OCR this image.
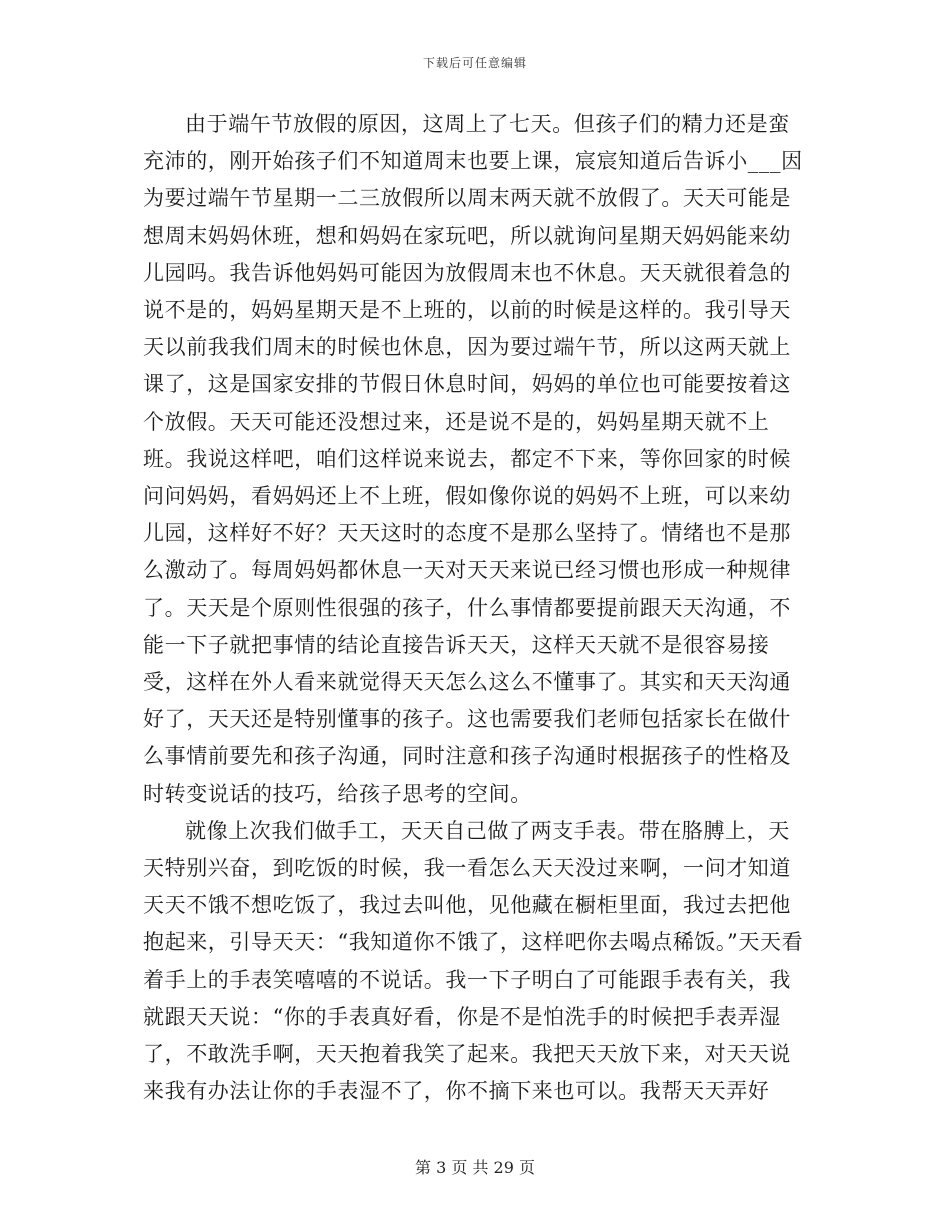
下载后可任意编辑

由于端午节放假的原因，这周上了七天。但孩子们的精力还是蛮充沛的，刚开始孩子们不知道周末也要上课，宸宸知道后告诉小___因为要过端午节星期一二三放假所以周末两天就不放假了。天天可能是想周末妈妈休班，想和妈妈在家玩吧，所以就询问星期天妈妈能来幼儿园吗。我告诉他妈妈可能因为放假周末也不休息。天天就很着急的说不是的，妈妈星期天是不上班的，以前的时候是这样的。我引导天天以前我我们周末的时候也休息，因为要过端午节，所以这两天就上课了，这是国家安排的节假日休息时间，妈妈的单位也可能要按着这个放假。天天可能还没想过来，还是说不是的，妈妈星期天就不上班。我说这样吧，咱们这样说来说去，都定不下来，等你回家的时候问问妈妈，看妈妈还上不上班，假如像你说的妈妈不上班，可以来幼儿园，这样好不好？天天这时的态度不是那么坚持了。情绪也不是那么激动了。每周妈妈都休息一天对天天来说已经习惯也形成一种规律了。天天是个原则性很强的孩子，什么事情都要提前跟天天沟通，不能一下子就把事情的结论直接告诉天天，这样天天就不是很容易接受，这样在外人看来就觉得天天怎么这么不懂事了。其实和天天沟通好了，天天还是特别懂事的孩子。这也需要我们老师包括家长在做什么事情前要先和孩子沟通，同时注意和孩子沟通时根据孩子的性格及时转变说话的技巧，给孩子思考的空间。

就像上次我们做手工，天天自己做了两支手表。带在胳膊上，天天特别兴奋，到吃饭的时候，我一看怎么天天没过来啊，一问才知道天天不饿不想吃饭了，我过去叫他，见他藏在橱柜里面，我过去把他抱起来，引导天天：“我知道你不饿了，这样吧你去喝点稀饭。”天天看着手上的手表笑嘻嘻的不说话。我一下子明白了可能跟手表有关，我就跟天天说：“你的手表真好看，你是不是怕洗手的时候把手表弄湿了，不敢洗手啊，天天抱着我笑了起来。我把天天放下来，对天天说来我有办法让你的手表湿不了，你不摘下来也可以。我帮天天弄好

第 3 页 共 29 页
